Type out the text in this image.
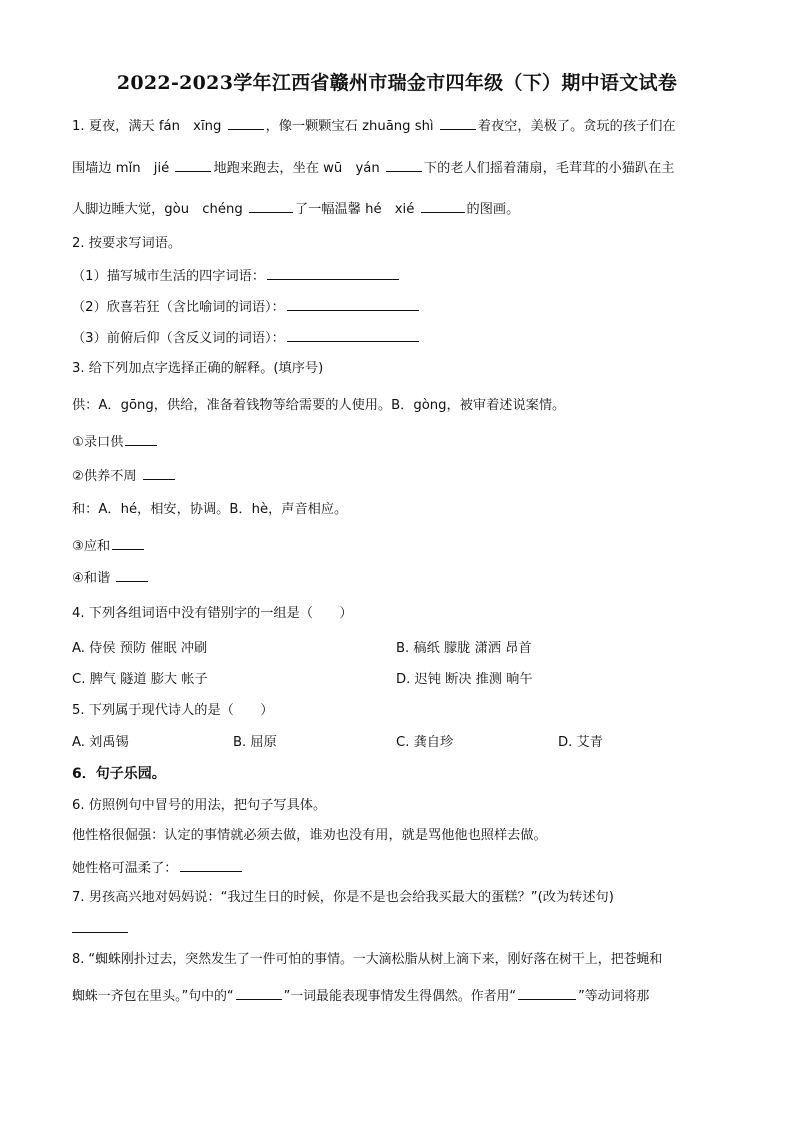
2022-2023学年江西省赣州市瑞金市四年级（下）期中语文试卷
1. 夏夜，满天 fán　xīng	，像一颗颗宝石 zhuāng shì	着夜空，美极了。贪玩的孩子们在
围墙边 mǐn　jié	地跑来跑去，坐在 wū　yán	下的老人们摇着蒲扇，毛茸茸的小猫趴在主
人脚边睡大觉，gòu　chéng	了一幅温馨 hé　xié	的图画。
2. 按要求写词语。
（1）描写城市生活的四字词语：
（2）欣喜若狂（含比喻词的词语）：
（3）前俯后仰（含反义词的词语）：
3. 给下列加点字选择正确的解释。(填序号)
供：A．gōng，供给，准备着钱物等给需要的人使用。B．gòng，被审着述说案情。
①录口供
②供养不周
和：A．hé，相安，协调。B．hè，声音相应。
③应和
④和谐
4. 下列各组词语中没有错别字的一组是（　　）
A. 侍侯 预防 催眠 冲刷	B. 稿纸 朦胧 潇洒 昂首
C. 脾气 隧道 膨大 帐子	D. 迟钝 断决 推测 晌午
5. 下列属于现代诗人的是（　　）
A. 刘禹锡	B. 屈原	C. 龚自珍	D. 艾青
6．句子乐园。
6. 仿照例句中冒号的用法，把句子写具体。
他性格很倔强：认定的事情就必须去做，谁劝也没有用，就是骂他他也照样去做。
她性格可温柔了：
7. 男孩高兴地对妈妈说：“我过生日的时候，你是不是也会给我买最大的蛋糕？”(改为转述句)
8. “蜘蛛刚扑过去，突然发生了一件可怕的事情。一大滴松脂从树上滴下来，刚好落在树干上，把苍蝇和
蜘蛛一齐包在里头。”句中的“	”一词最能表现事情发生得偶然。作者用“	”等动词将那
